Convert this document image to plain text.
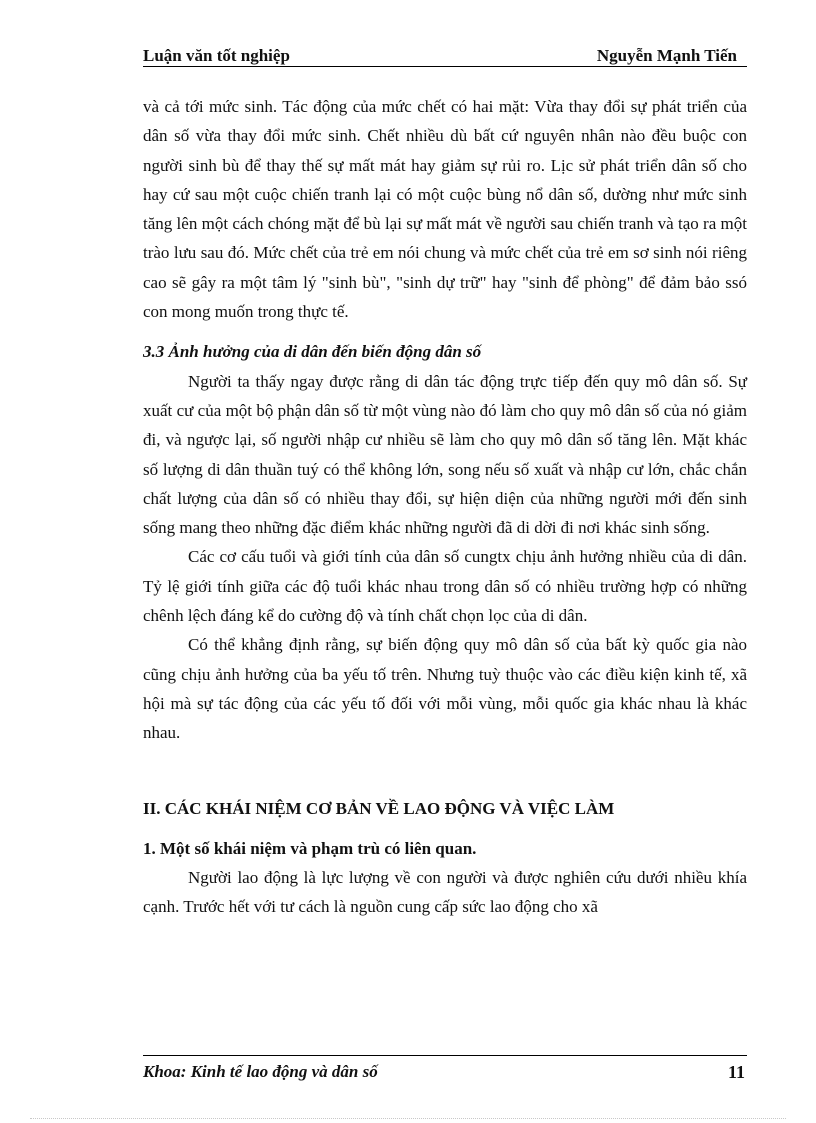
Luận văn tốt nghiệp	Nguyễn Mạnh Tiến

và cả tới mức sinh. Tác động của mức chết có hai mặt: Vừa thay đổi sự phát triển của dân số vừa thay đổi mức sinh. Chết nhiều dù bất cứ nguyên nhân nào đều buộc con người sinh bù để thay thế sự mất mát hay giảm sự rủi ro. Lịc sử phát triển dân số cho hay cứ sau một cuộc chiến tranh lại có một cuộc bùng nổ dân số, dường như mức sinh tăng lên một cách chóng mặt để bù lại sự mất mát về người sau chiến tranh và tạo ra một trào lưu sau đó. Mức chết của trẻ em nói chung và mức chết của trẻ em sơ sinh nói riêng cao sẽ gây ra một tâm lý "sinh bù", "sinh dự trữ" hay "sinh để phòng" để đảm bảo ssó con mong muốn trong thực tế.

3.3 Ảnh hưởng của di dân đến biến động dân số

Người ta thấy ngay được rằng di dân tác động trực tiếp đến quy mô dân số. Sự xuất cư của một bộ phận dân số từ một vùng nào đó làm cho quy mô dân số của nó giảm đi, và ngược lại, số người nhập cư nhiều sẽ làm cho quy mô dân số tăng lên. Mặt khác số lượng di dân thuần tuý có thể không lớn, song nếu số xuất và nhập cư lớn, chắc chắn chất lượng của dân số có nhiều thay đổi, sự hiện diện của những người mới đến sinh sống mang theo những đặc điểm khác những người đã di dời đi nơi khác sinh sống.

Các cơ cấu tuổi và giới tính của dân số cungtx chịu ảnh hưởng nhiều của di dân. Tỷ lệ giới tính giữa các độ tuổi khác nhau trong dân số có nhiều trường hợp có những chênh lệch đáng kể do cường độ và tính chất chọn lọc của di dân.

Có thể khẳng định rằng, sự biến động quy mô dân số của bất kỳ quốc gia nào cũng chịu ảnh hưởng của ba yếu tố trên. Nhưng tuỳ thuộc vào các điều kiện kinh tế, xã hội mà sự tác động của các yếu tố đối với mỗi vùng, mỗi quốc gia khác nhau là khác nhau.

II. CÁC KHÁI NIỆM CƠ BẢN VỀ LAO ĐỘNG VÀ VIỆC LÀM

1. Một số khái niệm và phạm trù có liên quan.

Người lao động là lực lượng về con người và được nghiên cứu dưới nhiều khía cạnh. Trước hết với tư cách là nguồn cung cấp sức lao động cho xã

Khoa: Kinh tế lao động và dân số	11
